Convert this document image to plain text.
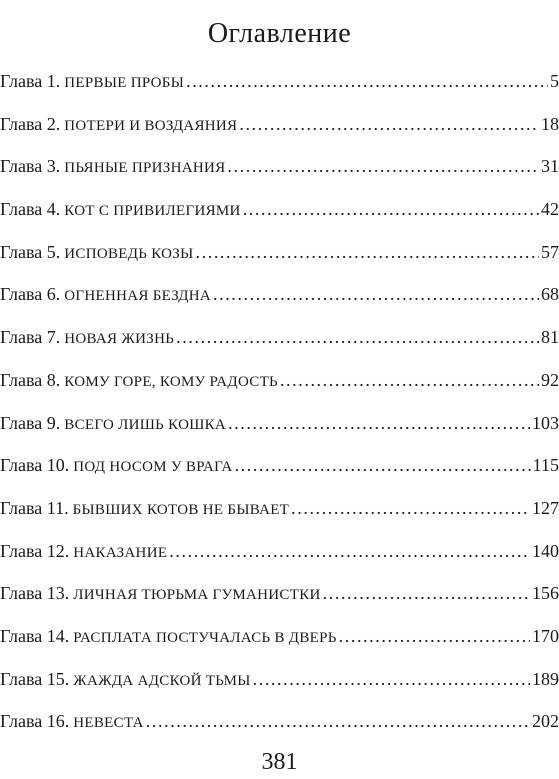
Оглавление
Глава 1. ПЕРВЫЕ ПРОБЫ .....	5
Глава 2. ПОТЕРИ И ВОЗДАЯНИЯ .....	18
Глава 3. ПЬЯНЫЕ ПРИЗНАНИЯ .....	31
Глава 4. КОТ С ПРИВИЛЕГИЯМИ .....	42
Глава 5. ИСПОВЕДЬ КОЗЫ .....	57
Глава 6. ОГНЕННАЯ БЕЗДНА .....	68
Глава 7. НОВАЯ ЖИЗНЬ .....	81
Глава 8. КОМУ ГОРЕ, КОМУ РАДОСТЬ .....	92
Глава 9. ВСЕГО ЛИШЬ КОШКА .....	103
Глава 10. ПОД НОСОМ У ВРАГА .....	115
Глава 11. БЫВШИХ КОТОВ НЕ БЫВАЕТ .....	127
Глава 12. НАКАЗАНИЕ .....	140
Глава 13. ЛИЧНАЯ ТЮРЬМА ГУМАНИСТКИ .....	156
Глава 14. РАСПЛАТА ПОСТУЧАЛАСЬ В ДВЕРЬ .....	170
Глава 15. ЖАЖДА АДСКОЙ ТЬМЫ .....	189
Глава 16. НЕВЕСТА .....	202
381
